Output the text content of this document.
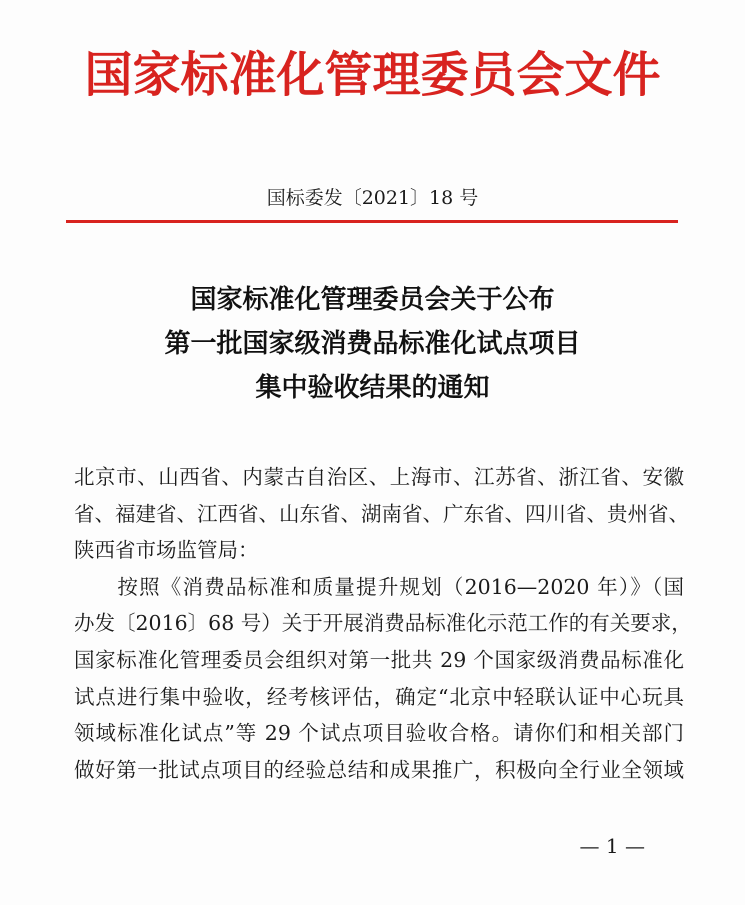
国家标准化管理委员会文件
国标委发〔2021〕18 号
国家标准化管理委员会关于公布
第一批国家级消费品标准化试点项目
集中验收结果的通知
北京市、山西省、内蒙古自治区、上海市、江苏省、浙江省、安徽
省、福建省、江西省、山东省、湖南省、广东省、四川省、贵州省、
陕西省市场监管局：
　　按照《消费品标准和质量提升规划（2016—2020 年）》（国
办发〔2016〕68 号）关于开展消费品标准化示范工作的有关要求，
国家标准化管理委员会组织对第一批共 29 个国家级消费品标准化
试点进行集中验收，经考核评估，确定“北京中轻联认证中心玩具
领域标准化试点”等 29 个试点项目验收合格。请你们和相关部门
做好第一批试点项目的经验总结和成果推广，积极向全行业全领域
— 1 —
